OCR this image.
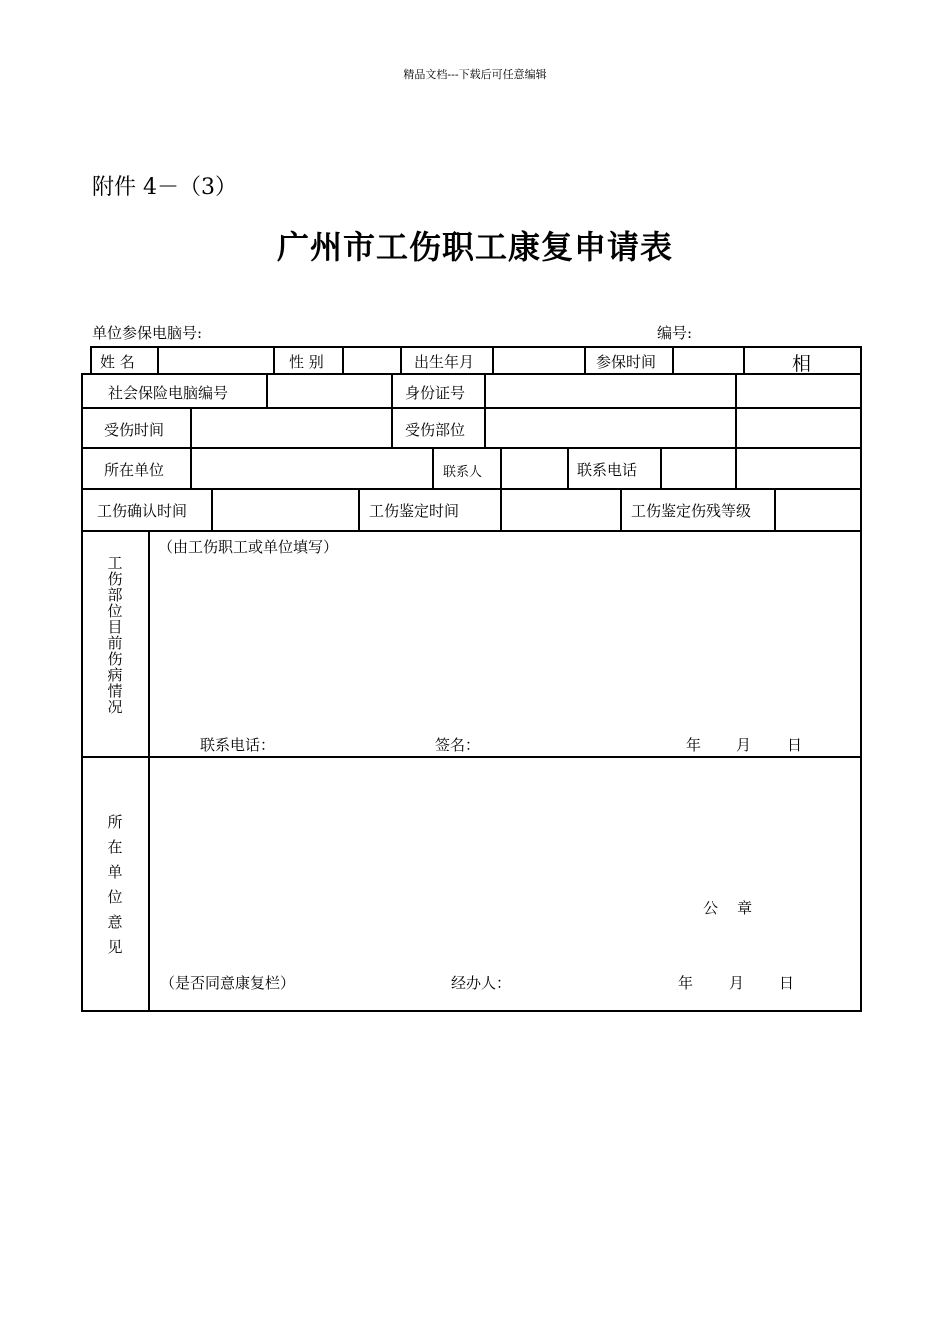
精品文档---下载后可任意编辑
附件 4－（3）
广州市工伤职工康复申请表
单位参保电脑号:	编号:
姓 名	性 别	出生年月	参保时间	相
社会保险电脑编号	身份证号
受伤时间	受伤部位
所在单位	联系人	联系电话
工伤确认时间	工伤鉴定时间	工伤鉴定伤残等级
工伤部位目前伤病情况
（由工伤职工或单位填写）
联系电话：	签名：	年 月 日
所在单位意见
公    章
（是否同意康复栏）	经办人：	年 月 日
